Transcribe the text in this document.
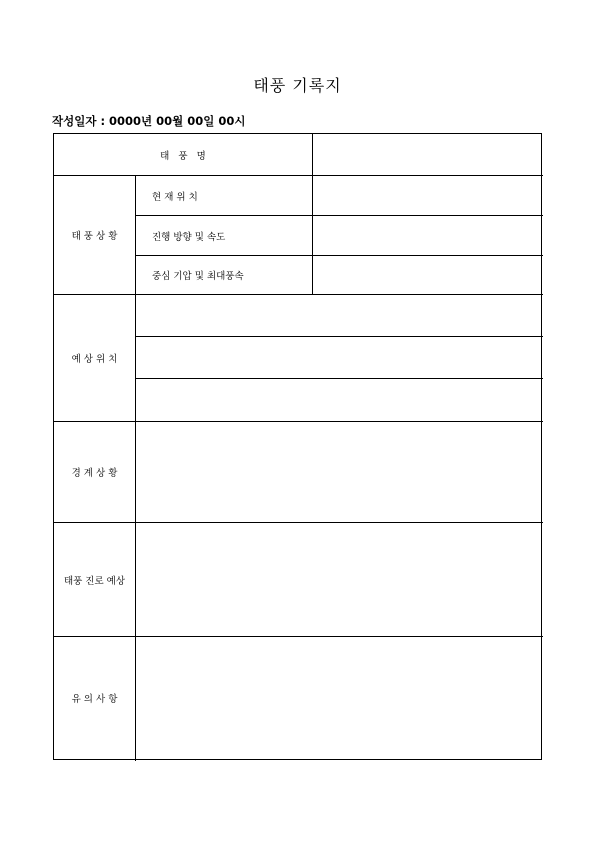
태풍 기록지
작성일자 : 0000년 00월 00일 00시
태   풍   명
태 풍 상 황
현 재 위 치
진행 방향 및 속도
중심 기압 및 최대풍속
예 상 위 치
경 계 상 황
태풍 진로 예상
유 의 사 항
